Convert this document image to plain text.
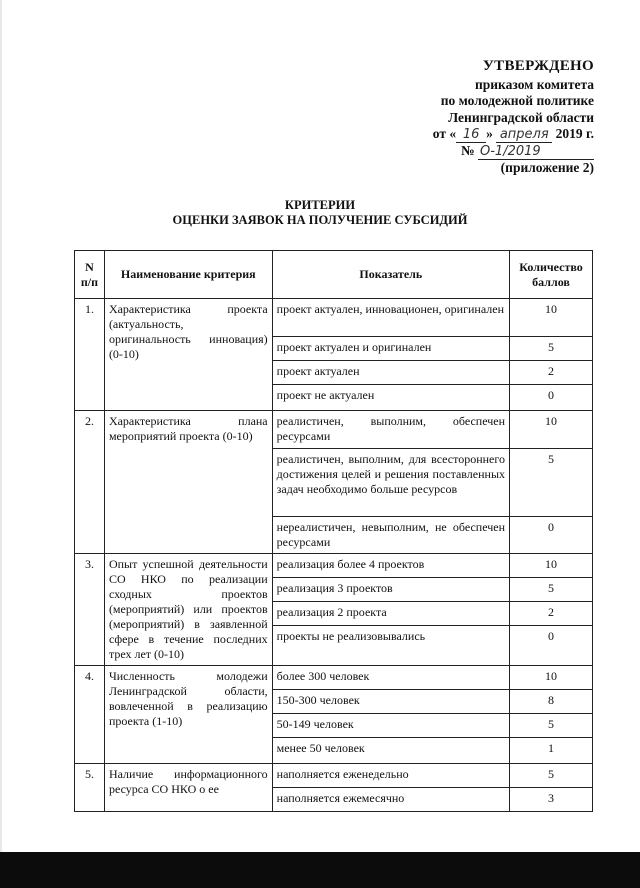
УТВЕРЖДЕНО
приказом комитета
по молодежной политике
Ленинградской области
от « 16 » апреля 2019 г.
№ О-1/2019
(приложение 2)
КРИТЕРИИ
ОЦЕНКИ ЗАЯВОК НА ПОЛУЧЕНИЕ СУБСИДИЙ
N п/п	Наименование критерия	Показатель	Количество баллов
1.	Характеристика проекта (актуальность, оригинальность инновация) (0-10)	проект актуален, инновационен, оригинален	10
		проект актуален и оригинален	5
		проект актуален	2
		проект не актуален	0
2.	Характеристика плана мероприятий проекта (0-10)	реалистичен, выполним, обеспечен ресурсами	10
		реалистичен, выполним, для всестороннего достижения целей и решения поставленных задач необходимо больше ресурсов	5
		нереалистичен, невыполним, не обеспечен ресурсами	0
3.	Опыт успешной деятельности СО НКО по реализации сходных проектов (мероприятий) или проектов (мероприятий) в заявленной сфере в течение последних трех лет (0-10)	реализация более 4 проектов	10
		реализация 3 проектов	5
		реализация 2 проекта	2
		проекты не реализовывались	0
4.	Численность молодежи Ленинградской области, вовлеченной в реализацию проекта (1-10)	более 300 человек	10
		150-300 человек	8
		50-149 человек	5
		менее 50 человек	1
5.	Наличие информационного ресурса СО НКО о ее	наполняется еженедельно	5
		наполняется ежемесячно	3
